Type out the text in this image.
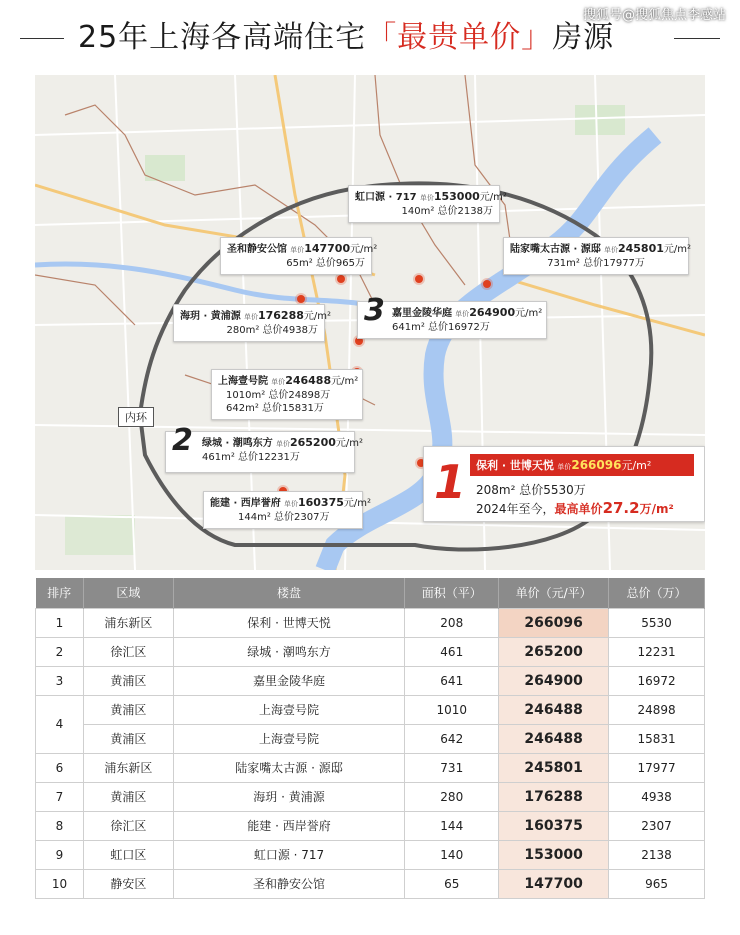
25年上海各高端住宅「最贵单价」房源
搜狐号@搜狐焦点李感站
内环
虹口源 · 717 单价153000元/m²
140m² 总价2138万
圣和静安公馆 单价147700元/m²
65m² 总价965万
陆家嘴太古源 · 源邸 单价245801元/m²
731m² 总价17977万
海玥 · 黄浦源 单价176288元/m²
280m² 总价4938万
3 嘉里金陵华庭 单价264900元/m²
641m² 总价16972万
上海壹号院 单价246488元/m²
1010m² 总价24898万
642m² 总价15831万
2 绿城 · 潮鸣东方 单价265200元/m²
461m² 总价12231万
能建 · 西岸誉府 单价160375元/m²
144m² 总价2307万
1 保利 · 世博天悦 单价266096元/m²
208m² 总价5530万
2024年至今，最高单价27.2万/m²
排序	区域	楼盘	面积（平）	单价（元/平）	总价（万）
1	浦东新区	保利 · 世博天悦	208	266096	5530
2	徐汇区	绿城 · 潮鸣东方	461	265200	12231
3	黄浦区	嘉里金陵华庭	641	264900	16972
4	黄浦区	上海壹号院	1010	246488	24898
	黄浦区	上海壹号院	642	246488	15831
6	浦东新区	陆家嘴太古源 · 源邸	731	245801	17977
7	黄浦区	海玥 · 黄浦源	280	176288	4938
8	徐汇区	能建 · 西岸誉府	144	160375	2307
9	虹口区	虹口源 · 717	140	153000	2138
10	静安区	圣和静安公馆	65	147700	965
